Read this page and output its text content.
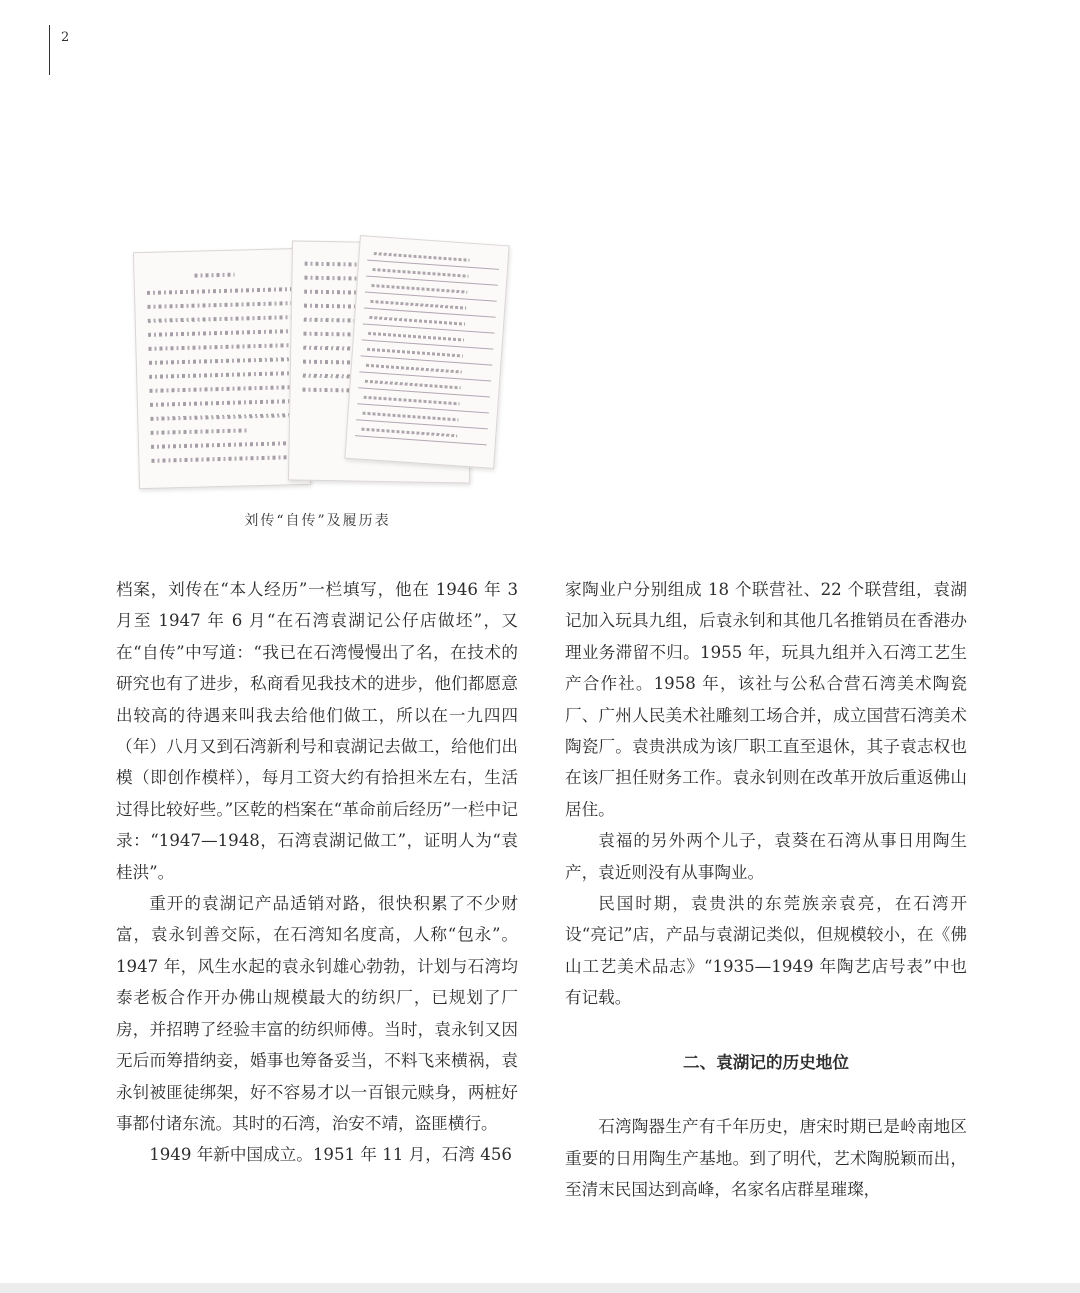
2
刘传“自传”及履历表

档案，刘传在“本人经历”一栏填写，他在 1946 年 3 月至 1947 年 6 月“在石湾袁湖记公仔店做坯”，又在“自传”中写道：“我已在石湾慢慢出了名，在技术的研究也有了进步，私商看见我技术的进步，他们都愿意出较高的待遇来叫我去给他们做工，所以在一九四四（年）八月又到石湾新利号和袁湖记去做工，给他们出模（即创作模样），每月工资大约有拾担米左右，生活过得比较好些。”区乾的档案在“革命前后经历”一栏中记录：“1947—1948，石湾袁湖记做工”，证明人为“袁桂洪”。

重开的袁湖记产品适销对路，很快积累了不少财富，袁永钊善交际，在石湾知名度高，人称“包永”。1947 年，风生水起的袁永钊雄心勃勃，计划与石湾均泰老板合作开办佛山规模最大的纺织厂，已规划了厂房，并招聘了经验丰富的纺织师傅。当时，袁永钊又因无后而筹措纳妾，婚事也筹备妥当，不料飞来横祸，袁永钊被匪徒绑架，好不容易才以一百银元赎身，两桩好事都付诸东流。其时的石湾，治安不靖，盗匪横行。

1949 年新中国成立。1951 年 11 月，石湾 456

家陶业户分别组成 18 个联营社、22 个联营组，袁湖记加入玩具九组，后袁永钊和其他几名推销员在香港办理业务滞留不归。1955 年，玩具九组并入石湾工艺生产合作社。1958 年，该社与公私合营石湾美术陶瓷厂、广州人民美术社雕刻工场合并，成立国营石湾美术陶瓷厂。袁贵洪成为该厂职工直至退休，其子袁志权也在该厂担任财务工作。袁永钊则在改革开放后重返佛山居住。

袁福的另外两个儿子，袁葵在石湾从事日用陶生产，袁近则没有从事陶业。

民国时期，袁贵洪的东莞族亲袁亮，在石湾开设“亮记”店，产品与袁湖记类似，但规模较小，在《佛山工艺美术品志》“1935—1949 年陶艺店号表”中也有记载。

二、袁湖记的历史地位

石湾陶器生产有千年历史，唐宋时期已是岭南地区重要的日用陶生产基地。到了明代，艺术陶脱颖而出，至清末民国达到高峰，名家名店群星璀璨，
